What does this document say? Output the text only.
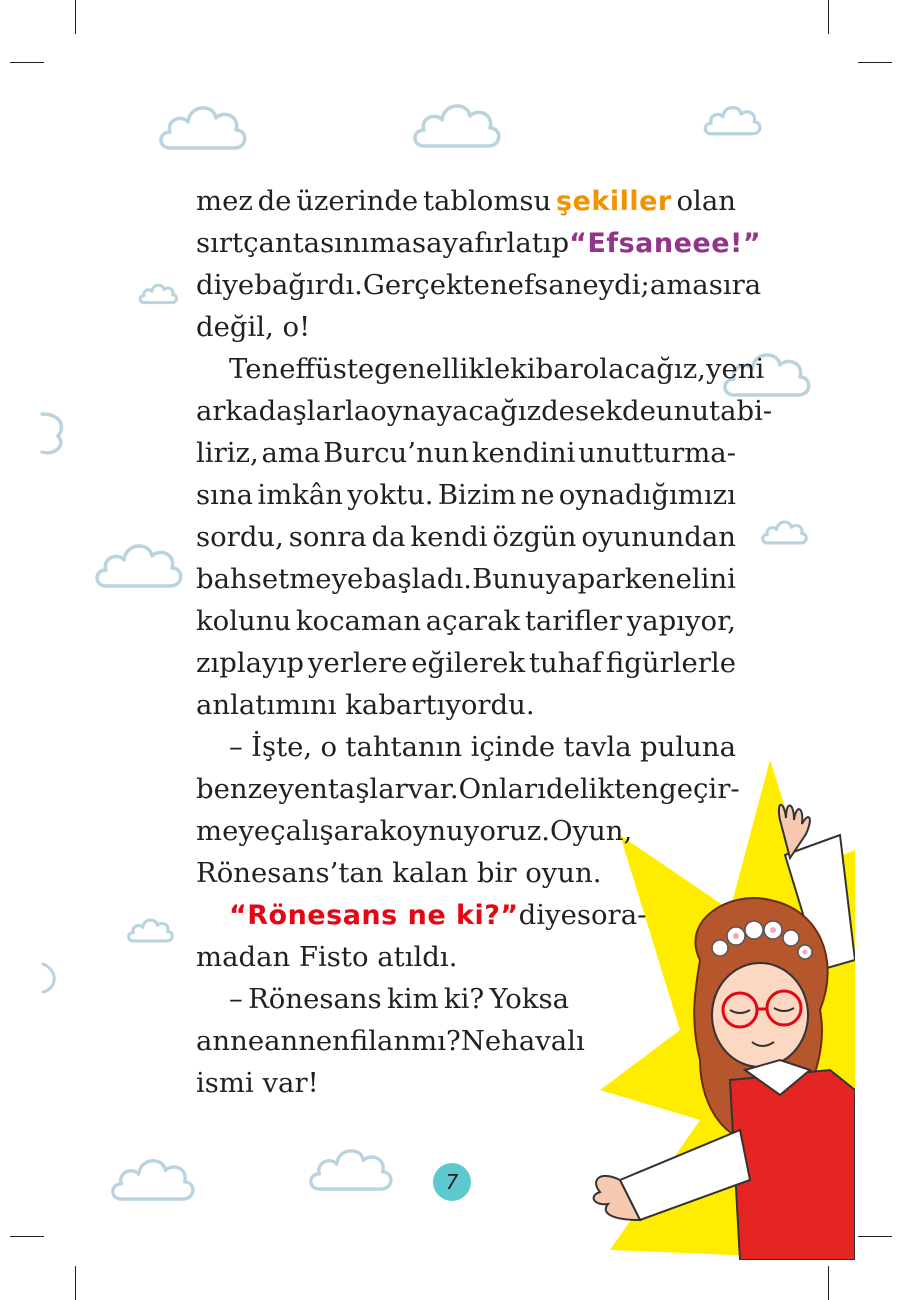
mez de üzerinde tablomsu şekiller olan
sırt çantasını masaya fırlatıp “Efsaneee!”
diye bağırdı. Gerçekten efsaneydi; ama sıra
değil, o!
Teneffüste genellikle kibar olacağız, yeni
arkadaşlarla oynayacağız desek de unutabi-
liriz, ama Burcu’nun kendini unutturma-
sına imkân yoktu. Bizim ne oynadığımızı
sordu, sonra da kendi özgün oyunundan
bahsetmeye başladı. Bunu yaparken elini
kolunu kocaman açarak tarifler yapıyor,
zıplayıp yerlere eğilerek tuhaf figürlerle
anlatımını kabartıyordu.
– İşte, o tahtanın içinde tavla puluna
benzeyen taşlar var. Onları delikten geçir-
meye çalışarak oynuyoruz. Oyun,
Rönesans’tan kalan bir oyun.
“Rönesans ne ki?” diye sora-
madan Fisto atıldı.
– Rönesans kim ki? Yoksa
anneannen filan mı? Ne havalı
ismi var!
7
